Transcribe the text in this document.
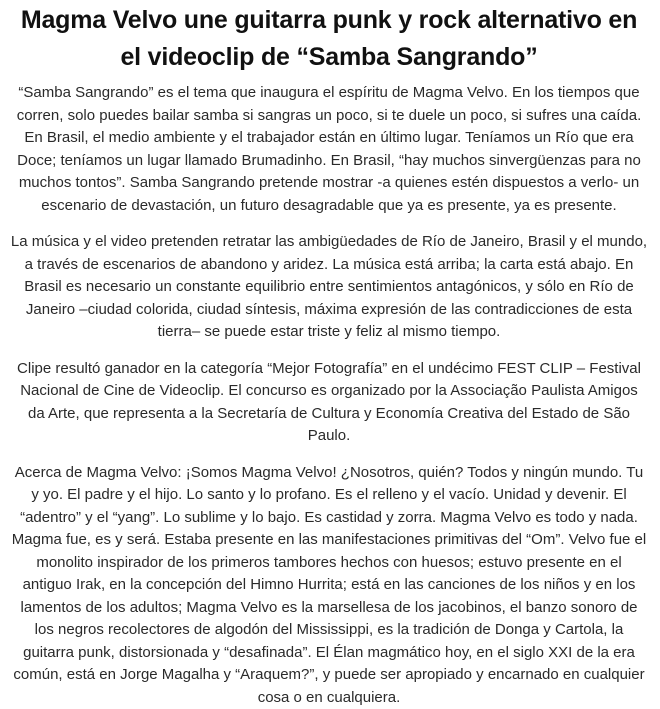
Magma Velvo une guitarra punk y rock alternativo en el videoclip de “Samba Sangrando”

“Samba Sangrando” es el tema que inaugura el espíritu de Magma Velvo. En los tiempos que corren, solo puedes bailar samba si sangras un poco, si te duele un poco, si sufres una caída. En Brasil, el medio ambiente y el trabajador están en último lugar. Teníamos un Río que era Doce; teníamos un lugar llamado Brumadinho. En Brasil, “hay muchos sinvergüenzas para no muchos tontos”. Samba Sangrando pretende mostrar -a quienes estén dispuestos a verlo- un escenario de devastación, un futuro desagradable que ya es presente, ya es presente.

La música y el video pretenden retratar las ambigüedades de Río de Janeiro, Brasil y el mundo, a través de escenarios de abandono y aridez. La música está arriba; la carta está abajo. En Brasil es necesario un constante equilibrio entre sentimientos antagónicos, y sólo en Río de Janeiro –ciudad colorida, ciudad síntesis, máxima expresión de las contradicciones de esta tierra– se puede estar triste y feliz al mismo tiempo.

Clipe resultó ganador en la categoría “Mejor Fotografía” en el undécimo FEST CLIP – Festival Nacional de Cine de Videoclip. El concurso es organizado por la Associação Paulista Amigos da Arte, que representa a la Secretaría de Cultura y Economía Creativa del Estado de São Paulo.

Acerca de Magma Velvo: ¡Somos Magma Velvo! ¿Nosotros, quién? Todos y ningún mundo. Tu y yo. El padre y el hijo. Lo santo y lo profano. Es el relleno y el vacío. Unidad y devenir. El “adentro” y el “yang”. Lo sublime y lo bajo. Es castidad y zorra. Magma Velvo es todo y nada. Magma fue, es y será. Estaba presente en las manifestaciones primitivas del “Om”. Velvo fue el monolito inspirador de los primeros tambores hechos con huesos; estuvo presente en el antiguo Irak, en la concepción del Himno Hurrita; está en las canciones de los niños y en los lamentos de los adultos; Magma Velvo es la marsellesa de los jacobinos, el banzo sonoro de los negros recolectores de algodón del Mississippi, es la tradición de Donga y Cartola, la guitarra punk, distorsionada y “desafinada”. El Élan magmático hoy, en el siglo XXI de la era común, está en Jorge Magalha y “Araquem?”, y puede ser apropiado y encarnado en cualquier cosa o en cualquiera.
